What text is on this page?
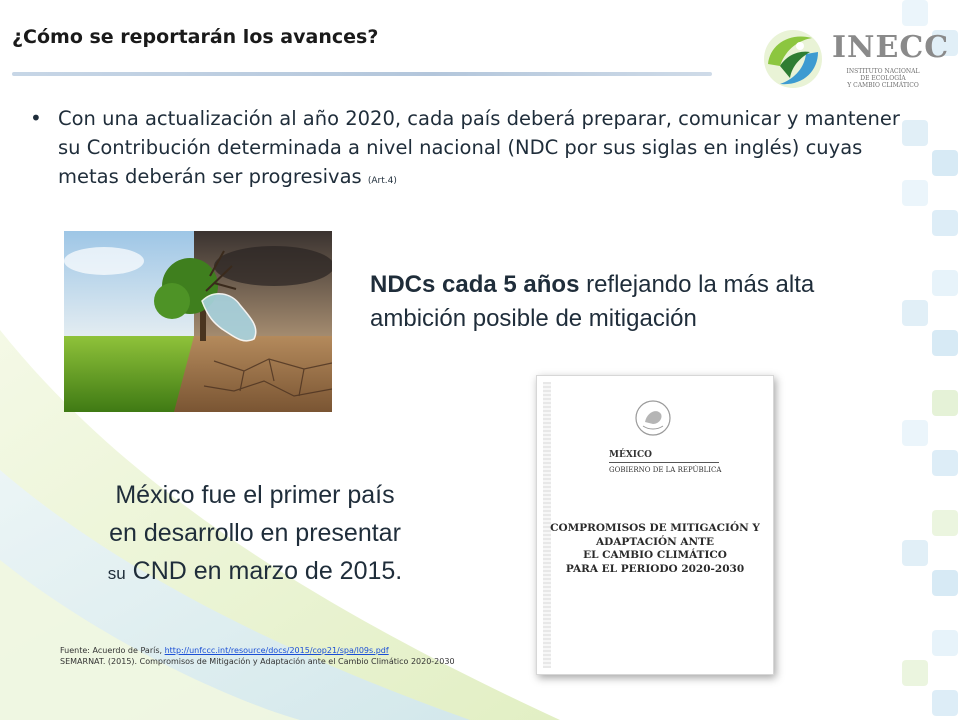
¿Cómo se reportarán los avances?	INECC
INSTITUTO NACIONAL
DE ECOLOGÍA
Y CAMBIO CLIMÁTICO
• Con una actualización al año 2020, cada país deberá preparar, comunicar y mantener su Contribución determinada a nivel nacional (NDC por sus siglas en inglés) cuyas metas deberán ser progresivas (Art.4)
NDCs cada 5 años reflejando la más alta ambición posible de mitigación
MÉXICO
GOBIERNO DE LA REPÚBLICA
COMPROMISOS DE MITIGACIÓN Y
ADAPTACIÓN ANTE
EL CAMBIO CLIMÁTICO
PARA EL PERIODO 2020-2030
México fue el primer país en desarrollo en presentar su CND en marzo de 2015.
Fuente: Acuerdo de París, http://unfccc.int/resource/docs/2015/cop21/spa/l09s.pdf
SEMARNAT. (2015). Compromisos de Mitigación y Adaptación ante el Cambio Climático 2020-2030
